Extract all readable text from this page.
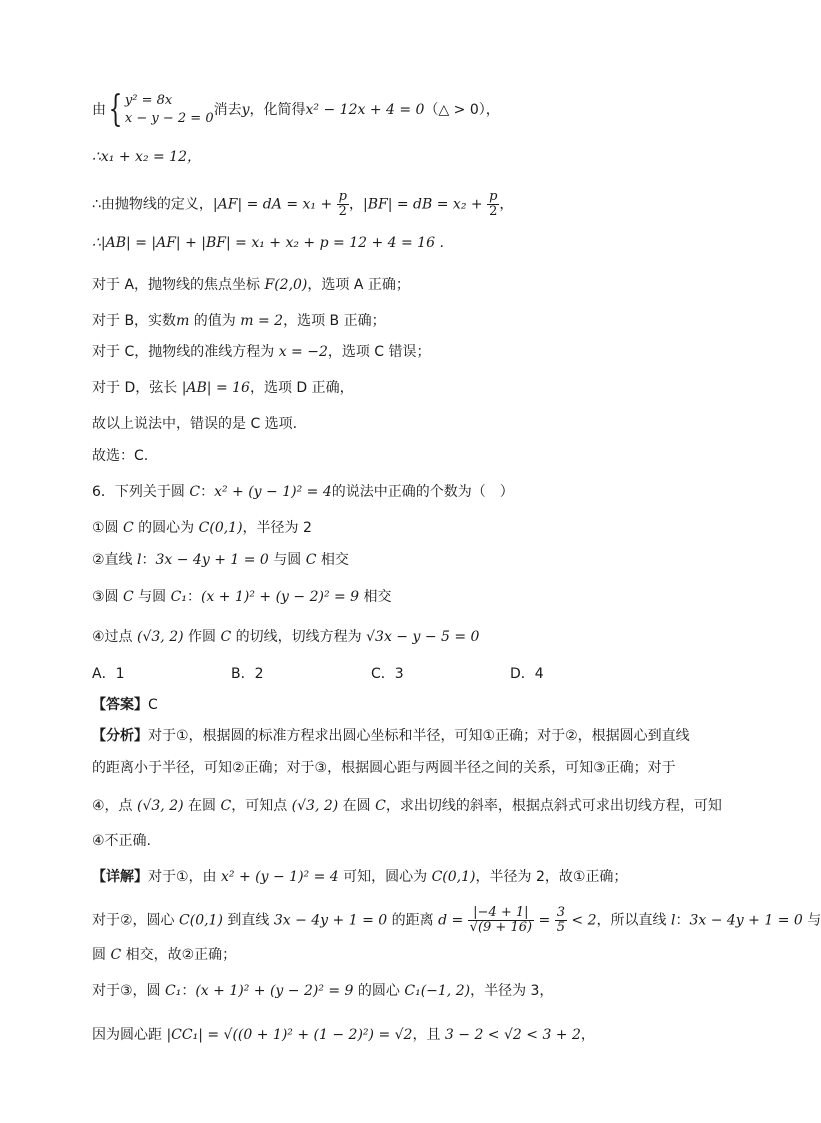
由{ y² = 8x
x − y − 2 = 0
消去y，化简得x² − 12x + 4 = 0（△ > 0），
∴x₁ + x₂ = 12，
∴由抛物线的定义，|AF| = dA = $x_1 + \frac{p}{2}$ ，|BF| = dB = $x_2 + \frac{p}{2}$ ，
∴|AB| = |AF| + |BF| = x₁ + x₂ + p = 12 + 4 = 16 .
对于 A，抛物线的焦点坐标 F(2,0)，选项 A 正确；
对于 B，实数m 的值为 m = 2，选项 B 正确；
对于 C，抛物线的准线方程为 x = −2，选项 C 错误；
对于 D，弦长 |AB| = 16，选项 D 正确，
故以上说法中，错误的是 C 选项.
故选：C.
6．下列关于圆 C：x² + (y − 1)² = 4的说法中正确的个数为（　）
①圆 C 的圆心为 C(0,1)，半径为 2
②直线 l：3x − 4y + 1 = 0 与圆 C 相交
③圆 C 与圆 C₁：(x + 1)² + (y − 2)² = 9 相交
④过点 (√3, 2) 作圆 C 的切线，切线方程为 √3x − y − 5 = 0
A．1	B．2	C．3	D．4
【答案】C
【分析】对于①，根据圆的标准方程求出圆心坐标和半径，可知①正确；对于②，根据圆心到直线
的距离小于半径，可知②正确；对于③，根据圆心距与两圆半径之间的关系，可知③正确；对于
④，点 (√3, 2) 在圆 C，可知点 (√3, 2) 在圆 C，求出切线的斜率，根据点斜式可求出切线方程，可知
④不正确.
【详解】对于①，由 x² + (y − 1)² = 4 可知，圆心为 C(0,1)，半径为 2，故①正确；
对于②，圆心 C(0,1) 到直线 3x − 4y + 1 = 0 的距离 $d = \frac{|-4 + 1|}{√(9 + 16)} = \frac{3}{5} < 2$，所以直线 l：3x − 4y + 1 = 0 与
圆 C 相交，故②正确；
对于③，圆 C₁：(x + 1)² + (y − 2)² = 9 的圆心 C₁(−1, 2)，半径为 3，
因为圆心距 |CC₁| = √((0 + 1)² + (1 − 2)²) = √2，且 3 − 2 < √2 < 3 + 2，
